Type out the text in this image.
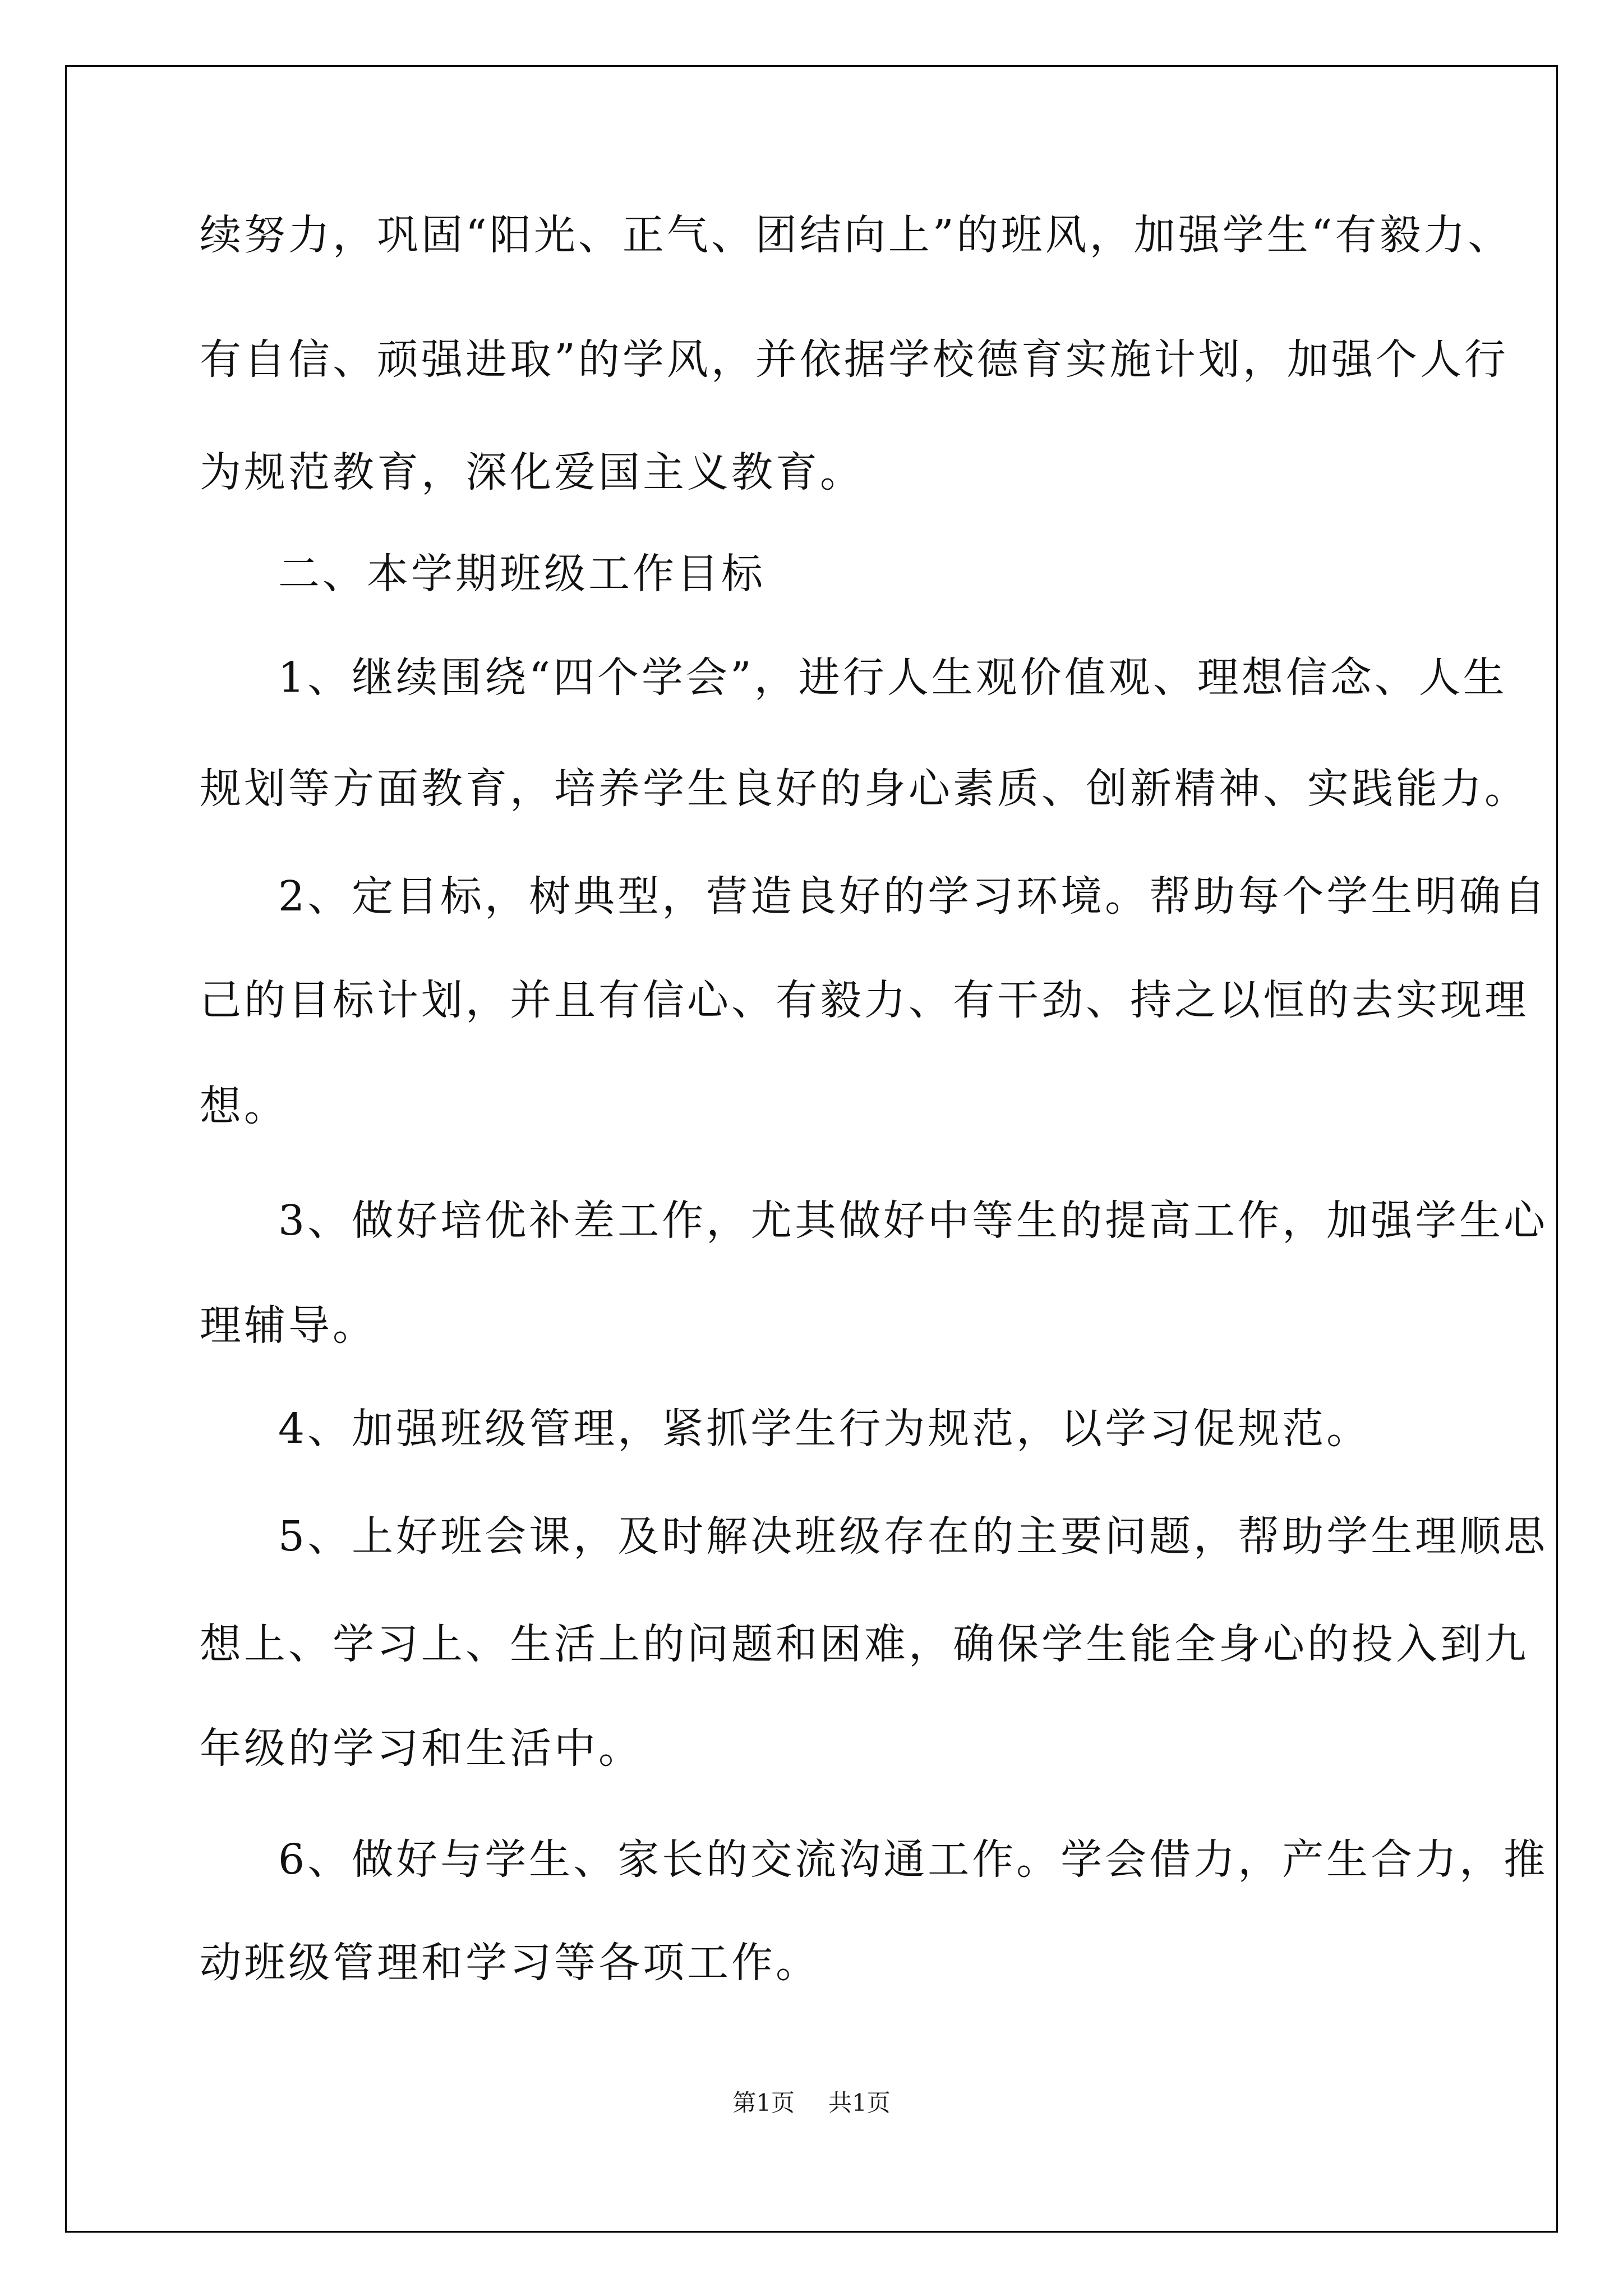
续努力，巩固“阳光、正气、团结向上”的班风，加强学生“有毅力、

有自信、顽强进取”的学风，并依据学校德育实施计划，加强个人行

为规范教育，深化爱国主义教育。

二、本学期班级工作目标

1、继续围绕“四个学会”，进行人生观价值观、理想信念、人生

规划等方面教育，培养学生良好的身心素质、创新精神、实践能力。

2、定目标，树典型，营造良好的学习环境。帮助每个学生明确自

己的目标计划，并且有信心、有毅力、有干劲、持之以恒的去实现理

想。

3、做好培优补差工作，尤其做好中等生的提高工作，加强学生心

理辅导。

4、加强班级管理，紧抓学生行为规范，以学习促规范。

5、上好班会课，及时解决班级存在的主要问题，帮助学生理顺思

想上、学习上、生活上的问题和困难，确保学生能全身心的投入到九

年级的学习和生活中。

6、做好与学生、家长的交流沟通工作。学会借力，产生合力，推

动班级管理和学习等各项工作。

第1页 共1页
